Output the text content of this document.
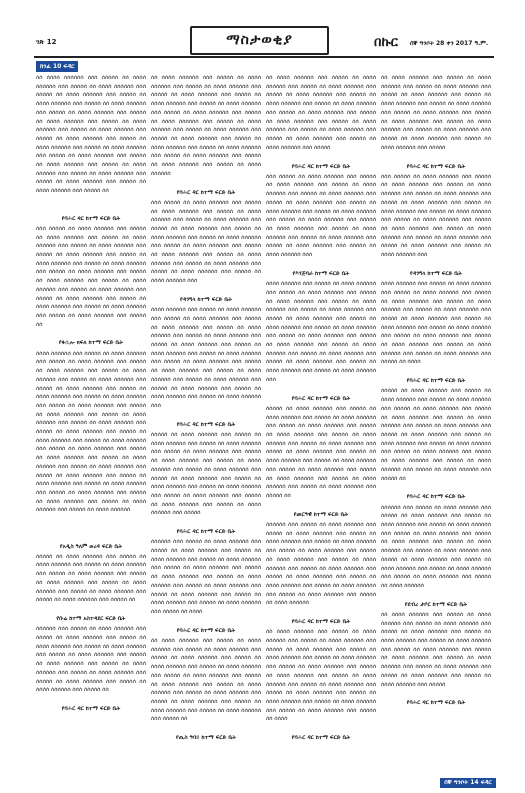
ገጽ 12	ማስታወቂያ	በኩር ሰኞ ግንቦት 28 ቀን 2017 ዓ.ም.
ክንፈ 10 ፍዳር
ሰሰ ሰሰሰሰ ሰሰሰሰሰሰ ሰሰሰ ሰሰሰሰሰ ሰሰ ሰሰሰሰ ሰሰሰሰሰሰ ሰሰሰ ሰሰሰሰሰ ሰሰ ሰሰሰሰ ሰሰሰሰሰሰ ሰሰሰ ሰሰሰሰሰ ሰሰ ሰሰሰሰ ሰሰሰሰሰሰ ሰሰሰ ሰሰሰሰሰ ሰሰ ሰሰሰሰ ሰሰሰሰሰሰ ሰሰሰ ሰሰሰሰሰ ሰሰ ሰሰሰሰ ሰሰሰሰሰሰ ሰሰሰ ሰሰሰሰሰ ሰሰ ሰሰሰሰ ሰሰሰሰሰሰ ሰሰሰ ሰሰሰሰሰ ሰሰ ሰሰሰሰ ሰሰሰሰሰሰ ሰሰሰ ሰሰሰሰሰ ሰሰ ሰሰሰሰ ሰሰሰሰሰሰ ሰሰሰ ሰሰሰሰሰ ሰሰ ሰሰሰሰ ሰሰሰሰሰሰ ሰሰሰ ሰሰሰሰሰ ሰሰ ሰሰሰሰ ሰሰሰሰሰሰ ሰሰሰ ሰሰሰሰሰ ሰሰ ሰሰሰሰ ሰሰሰሰሰሰ ሰሰሰ ሰሰሰሰሰ ሰሰ ሰሰሰሰ ሰሰሰሰሰሰ ሰሰሰ ሰሰሰሰሰ ሰሰ ሰሰሰሰ ሰሰሰሰሰሰ ሰሰሰ ሰሰሰሰሰ ሰሰ ሰሰሰሰ ሰሰሰሰሰሰ ሰሰሰ ሰሰሰሰሰ ሰሰ ሰሰሰሰ ሰሰሰሰሰሰ ሰሰሰ ሰሰሰሰሰ ሰሰ ሰሰሰሰ ሰሰሰሰሰሰ ሰሰሰ ሰሰሰሰሰ ሰሰ ሰሰሰሰ ሰሰሰሰሰሰ ሰሰሰ ሰሰሰሰሰ ሰሰ ሰሰሰሰ ሰሰሰሰሰሰ ሰሰሰ ሰሰሰሰሰ ሰሰ
የባሕር ዳር ከተማ ፍርድ ቤት
ሰሰሰ ሰሰሰሰሰ ሰሰ ሰሰሰሰ ሰሰሰሰሰሰ ሰሰሰ ሰሰሰሰሰ ሰሰ ሰሰሰሰ ሰሰሰሰሰሰ ሰሰሰ ሰሰሰሰሰ ሰሰ ሰሰሰሰ ሰሰሰሰሰሰ ሰሰሰ ሰሰሰሰሰ ሰሰ ሰሰሰሰ ሰሰሰሰሰሰ ሰሰሰ ሰሰሰሰሰ ሰሰ ሰሰሰሰ ሰሰሰሰሰሰ ሰሰሰ ሰሰሰሰሰ ሰሰ ሰሰሰሰ ሰሰሰሰሰሰ ሰሰሰ ሰሰሰሰሰ ሰሰ ሰሰሰሰ ሰሰሰሰሰሰ ሰሰሰ ሰሰሰሰሰ ሰሰ ሰሰሰሰ ሰሰሰሰሰሰ ሰሰሰ ሰሰሰሰሰ ሰሰ ሰሰሰሰ ሰሰሰሰሰሰ ሰሰሰ ሰሰሰሰሰ ሰሰ ሰሰሰሰ ሰሰሰሰሰሰ ሰሰሰ ሰሰሰሰሰ ሰሰ ሰሰሰሰ ሰሰሰሰሰሰ ሰሰሰ ሰሰሰሰሰ ሰሰ ሰሰሰሰ ሰሰሰሰሰሰ ሰሰሰ ሰሰሰሰሰ ሰሰ ሰሰሰሰ ሰሰሰሰሰሰ ሰሰሰ ሰሰሰሰሰ ሰሰ ሰሰሰሰ ሰሰሰሰሰሰ ሰሰሰ ሰሰሰሰሰ ሰሰ ሰሰሰሰ ሰሰሰሰሰሰ ሰሰሰ ሰሰሰሰሰ ሰሰ
የፋሲሎ ክፍለ ከተማ ፍርድ ቤት
ሰሰሰሰ ሰሰሰሰሰሰ ሰሰሰ ሰሰሰሰሰ ሰሰ ሰሰሰሰ ሰሰሰሰሰሰ ሰሰሰ ሰሰሰሰሰ ሰሰ ሰሰሰሰ ሰሰሰሰሰሰ ሰሰሰ ሰሰሰሰሰ ሰሰ ሰሰሰሰ ሰሰሰሰሰሰ ሰሰሰ ሰሰሰሰሰ ሰሰ ሰሰሰሰ ሰሰሰሰሰሰ ሰሰሰ ሰሰሰሰሰ ሰሰ ሰሰሰሰ ሰሰሰሰሰሰ ሰሰሰ ሰሰሰሰሰ ሰሰ ሰሰሰሰ ሰሰሰሰሰሰ ሰሰሰ ሰሰሰሰሰ ሰሰ ሰሰሰሰ ሰሰሰሰሰሰ ሰሰሰ ሰሰሰሰሰ ሰሰ ሰሰሰሰ ሰሰሰሰሰሰ ሰሰሰ ሰሰሰሰሰ ሰሰ ሰሰሰሰ ሰሰሰሰሰሰ ሰሰሰ ሰሰሰሰሰ ሰሰ ሰሰሰሰ ሰሰሰሰሰሰ ሰሰሰ ሰሰሰሰሰ ሰሰ ሰሰሰሰ ሰሰሰሰሰሰ ሰሰሰ ሰሰሰሰሰ ሰሰ ሰሰሰሰ ሰሰሰሰሰሰ ሰሰሰ ሰሰሰሰሰ ሰሰ ሰሰሰሰ ሰሰሰሰሰሰ ሰሰሰ ሰሰሰሰሰ ሰሰ ሰሰሰሰ ሰሰሰሰሰሰ ሰሰሰ ሰሰሰሰሰ ሰሰ ሰሰሰሰ ሰሰሰሰሰሰ ሰሰሰ ሰሰሰሰሰ ሰሰ ሰሰሰሰ ሰሰሰሰሰሰ ሰሰሰ ሰሰሰሰሰ ሰሰ ሰሰሰሰ ሰሰሰሰሰሰ ሰሰሰ ሰሰሰሰሰ ሰሰ ሰሰሰሰ ሰሰሰሰሰሰ ሰሰሰ ሰሰሰሰሰ ሰሰ ሰሰሰሰ ሰሰሰሰሰሰ ሰሰሰ ሰሰሰሰሰ ሰሰ ሰሰሰሰ ሰሰሰሰሰሰ ሰሰሰ ሰሰሰሰሰ ሰሰ ሰሰሰሰ ሰሰሰሰሰሰ ሰሰሰ ሰሰሰሰሰ ሰሰ ሰሰሰሰ ሰሰሰሰሰሰ ሰሰሰ ሰሰሰሰሰ ሰሰ ሰሰሰሰ ሰሰሰሰሰሰ ሰሰሰ ሰሰሰሰሰ ሰሰ ሰሰሰሰ ሰሰሰሰሰሰ ሰሰሰ ሰሰሰሰሰ ሰሰ ሰሰሰሰ ሰሰሰሰሰሰ ሰሰሰ ሰሰሰሰሰ ሰሰ ሰሰሰሰ ሰሰሰሰሰሰ
የአዲስ ዓለም ወረዳ ፍርድ ቤት
ሰሰሰሰሰ ሰሰ ሰሰሰሰ ሰሰሰሰሰሰ ሰሰሰ ሰሰሰሰሰ ሰሰ ሰሰሰሰ ሰሰሰሰሰሰ ሰሰሰ ሰሰሰሰሰ ሰሰ ሰሰሰሰ ሰሰሰሰሰሰ ሰሰሰ ሰሰሰሰሰ ሰሰ ሰሰሰሰ ሰሰሰሰሰሰ ሰሰሰ ሰሰሰሰሰ ሰሰ ሰሰሰሰ ሰሰሰሰሰሰ ሰሰሰ ሰሰሰሰሰ ሰሰ ሰሰሰሰ ሰሰሰሰሰሰ ሰሰሰ ሰሰሰሰሰ ሰሰ ሰሰሰሰ ሰሰሰሰሰሰ ሰሰሰ ሰሰሰሰሰ ሰሰ ሰሰሰሰ ሰሰሰሰሰሰ ሰሰሰ ሰሰሰሰሰ ሰሰ
የቡሬ ከተማ አስተዳደር ፍርድ ቤት
ሰሰሰሰሰሰ ሰሰሰ ሰሰሰሰሰ ሰሰ ሰሰሰሰ ሰሰሰሰሰሰ ሰሰሰ ሰሰሰሰሰ ሰሰ ሰሰሰሰ ሰሰሰሰሰሰ ሰሰሰ ሰሰሰሰሰ ሰሰ ሰሰሰሰ ሰሰሰሰሰሰ ሰሰሰ ሰሰሰሰሰ ሰሰ ሰሰሰሰ ሰሰሰሰሰሰ ሰሰሰ ሰሰሰሰሰ ሰሰ ሰሰሰሰ ሰሰሰሰሰሰ ሰሰሰ ሰሰሰሰሰ ሰሰ ሰሰሰሰ ሰሰሰሰሰሰ ሰሰሰ ሰሰሰሰሰ ሰሰ ሰሰሰሰ ሰሰሰሰሰሰ ሰሰሰ ሰሰሰሰሰ ሰሰ ሰሰሰሰ ሰሰሰሰሰሰ ሰሰሰ ሰሰሰሰሰ ሰሰ ሰሰሰሰ ሰሰሰሰሰሰ ሰሰሰ ሰሰሰሰሰ ሰሰ ሰሰሰሰ ሰሰሰሰሰሰ ሰሰሰ ሰሰሰሰሰ ሰሰ
የባሕር ዳር ከተማ ፍርድ ቤት
ሰሰ ሰሰሰሰ ሰሰሰሰሰሰ ሰሰሰ ሰሰሰሰሰ ሰሰ ሰሰሰሰ ሰሰሰሰሰሰ ሰሰሰ ሰሰሰሰሰ ሰሰ ሰሰሰሰ ሰሰሰሰሰሰ ሰሰሰ ሰሰሰሰሰ ሰሰ ሰሰሰሰ ሰሰሰሰሰሰ ሰሰሰ ሰሰሰሰሰ ሰሰ ሰሰሰሰ ሰሰሰሰሰሰ ሰሰሰ ሰሰሰሰሰ ሰሰ ሰሰሰሰ ሰሰሰሰሰሰ ሰሰሰ ሰሰሰሰሰ ሰሰ ሰሰሰሰ ሰሰሰሰሰሰ ሰሰሰ ሰሰሰሰሰ ሰሰ ሰሰሰሰ ሰሰሰሰሰሰ ሰሰሰ ሰሰሰሰሰ ሰሰ ሰሰሰሰ ሰሰሰሰሰሰ ሰሰሰ ሰሰሰሰሰ ሰሰ ሰሰሰሰ ሰሰሰሰሰሰ ሰሰሰ ሰሰሰሰሰ ሰሰ ሰሰሰሰ ሰሰሰሰሰሰ ሰሰሰ ሰሰሰሰሰ ሰሰ ሰሰሰሰ ሰሰሰሰሰሰ ሰሰሰ ሰሰሰሰሰ ሰሰ ሰሰሰሰ ሰሰሰሰሰሰ ሰሰሰ ሰሰሰሰሰ ሰሰ ሰሰሰሰ ሰሰሰሰሰሰ ሰሰሰ ሰሰሰሰሰ ሰሰ ሰሰሰሰ ሰሰሰሰሰሰ ሰሰሰ ሰሰሰሰሰ ሰሰ ሰሰሰሰ ሰሰሰሰሰሰ
የባሕር ዳር ከተማ ፍርድ ቤት
ሰሰሰ ሰሰሰሰሰ ሰሰ ሰሰሰሰ ሰሰሰሰሰሰ ሰሰሰ ሰሰሰሰሰ ሰሰ ሰሰሰሰ ሰሰሰሰሰሰ ሰሰሰ ሰሰሰሰሰ ሰሰ ሰሰሰሰ ሰሰሰሰሰሰ ሰሰሰ ሰሰሰሰሰ ሰሰ ሰሰሰሰ ሰሰሰሰሰሰ ሰሰሰ ሰሰሰሰሰ ሰሰ ሰሰሰሰ ሰሰሰሰሰሰ ሰሰሰ ሰሰሰሰሰ ሰሰ ሰሰሰሰ ሰሰሰሰሰሰ ሰሰሰ ሰሰሰሰሰ ሰሰ ሰሰሰሰ ሰሰሰሰሰሰ ሰሰሰ ሰሰሰሰሰ ሰሰ ሰሰሰሰ ሰሰሰሰሰሰ ሰሰሰ ሰሰሰሰሰ ሰሰ ሰሰሰሰ ሰሰሰሰሰሰ ሰሰሰ ሰሰሰሰሰ ሰሰ ሰሰሰሰ ሰሰሰሰሰሰ ሰሰሰ ሰሰሰሰሰ ሰሰ ሰሰሰሰ ሰሰሰሰሰሰ ሰሰሰ ሰሰሰሰሰ ሰሰ ሰሰሰሰ ሰሰሰሰሰሰ ሰሰሰ ሰሰሰሰሰ ሰሰ ሰሰሰሰ ሰሰሰሰሰሰ ሰሰሰ
የዳንግላ ከተማ ፍርድ ቤት
ሰሰሰሰ ሰሰሰሰሰሰ ሰሰሰ ሰሰሰሰሰ ሰሰ ሰሰሰሰ ሰሰሰሰሰሰ ሰሰሰ ሰሰሰሰሰ ሰሰ ሰሰሰሰ ሰሰሰሰሰሰ ሰሰሰ ሰሰሰሰሰ ሰሰ ሰሰሰሰ ሰሰሰሰሰሰ ሰሰሰ ሰሰሰሰሰ ሰሰ ሰሰሰሰ ሰሰሰሰሰሰ ሰሰሰ ሰሰሰሰሰ ሰሰ ሰሰሰሰ ሰሰሰሰሰሰ ሰሰሰ ሰሰሰሰሰ ሰሰ ሰሰሰሰ ሰሰሰሰሰሰ ሰሰሰ ሰሰሰሰሰ ሰሰ ሰሰሰሰ ሰሰሰሰሰሰ ሰሰሰ ሰሰሰሰሰ ሰሰ ሰሰሰሰ ሰሰሰሰሰሰ ሰሰሰ ሰሰሰሰሰ ሰሰ ሰሰሰሰ ሰሰሰሰሰሰ ሰሰሰ ሰሰሰሰሰ ሰሰ ሰሰሰሰ ሰሰሰሰሰሰ ሰሰሰ ሰሰሰሰሰ ሰሰ ሰሰሰሰ ሰሰሰሰሰሰ ሰሰሰ ሰሰሰሰሰ ሰሰ ሰሰሰሰ ሰሰሰሰሰሰ ሰሰሰ ሰሰሰሰሰ ሰሰ ሰሰሰሰ ሰሰሰሰሰሰ ሰሰሰ ሰሰሰሰሰ ሰሰ ሰሰሰሰ ሰሰሰሰሰሰ ሰሰሰ ሰሰሰሰሰ ሰሰ ሰሰሰሰ ሰሰሰሰሰሰ ሰሰሰ
የባሕር ዳር ከተማ ፍርድ ቤት
ሰሰሰሰሰ ሰሰ ሰሰሰሰ ሰሰሰሰሰሰ ሰሰሰ ሰሰሰሰሰ ሰሰ ሰሰሰሰ ሰሰሰሰሰሰ ሰሰሰ ሰሰሰሰሰ ሰሰ ሰሰሰሰ ሰሰሰሰሰሰ ሰሰሰ ሰሰሰሰሰ ሰሰ ሰሰሰሰ ሰሰሰሰሰሰ ሰሰሰ ሰሰሰሰሰ ሰሰ ሰሰሰሰ ሰሰሰሰሰሰ ሰሰሰ ሰሰሰሰሰ ሰሰ ሰሰሰሰ ሰሰሰሰሰሰ ሰሰሰ ሰሰሰሰሰ ሰሰ ሰሰሰሰ ሰሰሰሰሰሰ ሰሰሰ ሰሰሰሰሰ ሰሰ ሰሰሰሰ ሰሰሰሰሰሰ ሰሰሰ ሰሰሰሰሰ ሰሰ ሰሰሰሰ ሰሰሰሰሰሰ ሰሰሰ ሰሰሰሰሰ ሰሰ ሰሰሰሰ ሰሰሰሰሰሰ ሰሰሰ ሰሰሰሰሰ ሰሰ ሰሰሰሰ ሰሰሰሰሰሰ ሰሰሰ ሰሰሰሰሰ ሰሰ ሰሰሰሰ ሰሰሰሰሰሰ ሰሰሰ ሰሰሰሰሰ ሰሰ ሰሰሰሰ ሰሰሰሰሰሰ ሰሰሰ ሰሰሰሰሰ
የባሕር ዳር ከተማ ፍርድ ቤት
ሰሰሰሰሰሰ ሰሰሰ ሰሰሰሰሰ ሰሰ ሰሰሰሰ ሰሰሰሰሰሰ ሰሰሰ ሰሰሰሰሰ ሰሰ ሰሰሰሰ ሰሰሰሰሰሰ ሰሰሰ ሰሰሰሰሰ ሰሰ ሰሰሰሰ ሰሰሰሰሰሰ ሰሰሰ ሰሰሰሰሰ ሰሰ ሰሰሰሰ ሰሰሰሰሰሰ ሰሰሰ ሰሰሰሰሰ ሰሰ ሰሰሰሰ ሰሰሰሰሰሰ ሰሰሰ ሰሰሰሰሰ ሰሰ ሰሰሰሰ ሰሰሰሰሰሰ ሰሰሰ ሰሰሰሰሰ ሰሰ ሰሰሰሰ ሰሰሰሰሰሰ ሰሰሰ ሰሰሰሰሰ ሰሰ ሰሰሰሰ ሰሰሰሰሰሰ ሰሰሰ ሰሰሰሰሰ ሰሰ ሰሰሰሰ ሰሰሰሰሰሰ ሰሰሰ ሰሰሰሰሰ ሰሰ ሰሰሰሰ ሰሰሰሰሰሰ ሰሰሰ ሰሰሰሰሰ ሰሰ ሰሰሰሰ ሰሰሰሰሰሰ ሰሰሰ ሰሰሰሰሰ ሰሰ ሰሰሰሰ
የባሕር ዳር ከተማ ፍርድ ቤት
ሰሰ ሰሰሰሰ ሰሰሰሰሰሰ ሰሰሰ ሰሰሰሰሰ ሰሰ ሰሰሰሰ ሰሰሰሰሰሰ ሰሰሰ ሰሰሰሰሰ ሰሰ ሰሰሰሰ ሰሰሰሰሰሰ ሰሰሰ ሰሰሰሰሰ ሰሰ ሰሰሰሰ ሰሰሰሰሰሰ ሰሰሰ ሰሰሰሰሰ ሰሰ ሰሰሰሰ ሰሰሰሰሰሰ ሰሰሰ ሰሰሰሰሰ ሰሰ ሰሰሰሰ ሰሰሰሰሰሰ ሰሰሰ ሰሰሰሰሰ ሰሰ ሰሰሰሰ ሰሰሰሰሰሰ ሰሰሰ ሰሰሰሰሰ ሰሰ ሰሰሰሰ ሰሰሰሰሰሰ ሰሰሰ ሰሰሰሰሰ ሰሰ ሰሰሰሰ ሰሰሰሰሰሰ ሰሰሰ ሰሰሰሰሰ ሰሰ ሰሰሰሰ ሰሰሰሰሰሰ ሰሰሰ ሰሰሰሰሰ ሰሰ ሰሰሰሰ ሰሰሰሰሰሰ ሰሰሰ ሰሰሰሰሰ ሰሰ ሰሰሰሰ ሰሰሰሰሰሰ ሰሰሰ ሰሰሰሰሰ ሰሰ ሰሰሰሰ ሰሰሰሰሰሰ ሰሰሰ ሰሰሰሰሰ ሰሰ
የጢስ ዓባይ ከተማ ፍርድ ቤት
ሰሰ ሰሰሰሰ ሰሰሰሰሰሰ ሰሰሰ ሰሰሰሰሰ ሰሰ ሰሰሰሰ ሰሰሰሰሰሰ ሰሰሰ ሰሰሰሰሰ ሰሰ ሰሰሰሰ ሰሰሰሰሰሰ ሰሰሰ ሰሰሰሰሰ ሰሰ ሰሰሰሰ ሰሰሰሰሰሰ ሰሰሰ ሰሰሰሰሰ ሰሰ ሰሰሰሰ ሰሰሰሰሰሰ ሰሰሰ ሰሰሰሰሰ ሰሰ ሰሰሰሰ ሰሰሰሰሰሰ ሰሰሰ ሰሰሰሰሰ ሰሰ ሰሰሰሰ ሰሰሰሰሰሰ ሰሰሰ ሰሰሰሰሰ ሰሰ ሰሰሰሰ ሰሰሰሰሰሰ ሰሰሰ ሰሰሰሰሰ ሰሰ ሰሰሰሰ ሰሰሰሰሰሰ ሰሰሰ ሰሰሰሰሰ ሰሰ ሰሰሰሰ ሰሰሰሰሰሰ ሰሰሰ ሰሰሰሰሰ ሰሰ ሰሰሰሰ ሰሰሰሰሰሰ ሰሰሰ ሰሰሰሰሰ ሰሰ ሰሰሰሰ ሰሰሰሰሰሰ ሰሰሰ ሰሰሰሰሰ
የባሕር ዳር ከተማ ፍርድ ቤት
ሰሰሰ ሰሰሰሰሰ ሰሰ ሰሰሰሰ ሰሰሰሰሰሰ ሰሰሰ ሰሰሰሰሰ ሰሰ ሰሰሰሰ ሰሰሰሰሰሰ ሰሰሰ ሰሰሰሰሰ ሰሰ ሰሰሰሰ ሰሰሰሰሰሰ ሰሰሰ ሰሰሰሰሰ ሰሰ ሰሰሰሰ ሰሰሰሰሰሰ ሰሰሰ ሰሰሰሰሰ ሰሰ ሰሰሰሰ ሰሰሰሰሰሰ ሰሰሰ ሰሰሰሰሰ ሰሰ ሰሰሰሰ ሰሰሰሰሰሰ ሰሰሰ ሰሰሰሰሰ ሰሰ ሰሰሰሰ ሰሰሰሰሰሰ ሰሰሰ ሰሰሰሰሰ ሰሰ ሰሰሰሰ ሰሰሰሰሰሰ ሰሰሰ ሰሰሰሰሰ ሰሰ ሰሰሰሰ ሰሰሰሰሰሰ ሰሰሰ ሰሰሰሰሰ ሰሰ ሰሰሰሰ ሰሰሰሰሰሰ ሰሰሰ ሰሰሰሰሰ ሰሰ ሰሰሰሰ ሰሰሰሰሰሰ ሰሰሰ ሰሰሰሰሰ ሰሰ ሰሰሰሰ ሰሰሰሰሰሰ ሰሰሰ ሰሰሰሰሰ ሰሰ ሰሰሰሰ ሰሰሰሰሰሰ ሰሰሰ
የእንጅባራ ከተማ ፍርድ ቤት
ሰሰሰሰ ሰሰሰሰሰሰ ሰሰሰ ሰሰሰሰሰ ሰሰ ሰሰሰሰ ሰሰሰሰሰሰ ሰሰሰ ሰሰሰሰሰ ሰሰ ሰሰሰሰ ሰሰሰሰሰሰ ሰሰሰ ሰሰሰሰሰ ሰሰ ሰሰሰሰ ሰሰሰሰሰሰ ሰሰሰ ሰሰሰሰሰ ሰሰ ሰሰሰሰ ሰሰሰሰሰሰ ሰሰሰ ሰሰሰሰሰ ሰሰ ሰሰሰሰ ሰሰሰሰሰሰ ሰሰሰ ሰሰሰሰሰ ሰሰ ሰሰሰሰ ሰሰሰሰሰሰ ሰሰሰ ሰሰሰሰሰ ሰሰ ሰሰሰሰ ሰሰሰሰሰሰ ሰሰሰ ሰሰሰሰሰ ሰሰ ሰሰሰሰ ሰሰሰሰሰሰ ሰሰሰ ሰሰሰሰሰ ሰሰ ሰሰሰሰ ሰሰሰሰሰሰ ሰሰሰ ሰሰሰሰሰ ሰሰ ሰሰሰሰ ሰሰሰሰሰሰ ሰሰሰ ሰሰሰሰሰ ሰሰ ሰሰሰሰ ሰሰሰሰሰሰ ሰሰሰ ሰሰሰሰሰ ሰሰ ሰሰሰሰ ሰሰሰሰሰሰ ሰሰሰ ሰሰሰሰሰ ሰሰ ሰሰሰሰ ሰሰሰሰሰሰ ሰሰሰ ሰሰሰሰሰ ሰሰ ሰሰሰሰ ሰሰሰሰሰሰ ሰሰሰ ሰሰሰሰሰ ሰሰ ሰሰሰሰ ሰሰሰሰሰሰ ሰሰሰ
የባሕር ዳር ከተማ ፍርድ ቤት
ሰሰሰሰሰ ሰሰ ሰሰሰሰ ሰሰሰሰሰሰ ሰሰሰ ሰሰሰሰሰ ሰሰ ሰሰሰሰ ሰሰሰሰሰሰ ሰሰሰ ሰሰሰሰሰ ሰሰ ሰሰሰሰ ሰሰሰሰሰሰ ሰሰሰ ሰሰሰሰሰ ሰሰ ሰሰሰሰ ሰሰሰሰሰሰ ሰሰሰ ሰሰሰሰሰ ሰሰ ሰሰሰሰ ሰሰሰሰሰሰ ሰሰሰ ሰሰሰሰሰ ሰሰ ሰሰሰሰ ሰሰሰሰሰሰ ሰሰሰ ሰሰሰሰሰ ሰሰ ሰሰሰሰ ሰሰሰሰሰሰ ሰሰሰ ሰሰሰሰሰ ሰሰ ሰሰሰሰ ሰሰሰሰሰሰ ሰሰሰ ሰሰሰሰሰ ሰሰ ሰሰሰሰ ሰሰሰሰሰሰ ሰሰሰ ሰሰሰሰሰ ሰሰ ሰሰሰሰ ሰሰሰሰሰሰ ሰሰሰ ሰሰሰሰሰ ሰሰ ሰሰሰሰ ሰሰሰሰሰሰ ሰሰሰ ሰሰሰሰሰ ሰሰ ሰሰሰሰ ሰሰሰሰሰሰ ሰሰሰ ሰሰሰሰሰ ሰሰ ሰሰሰሰ ሰሰሰሰሰሰ ሰሰሰ ሰሰሰሰሰ ሰሰ ሰሰሰሰ ሰሰሰሰሰሰ ሰሰሰ ሰሰሰሰሰ ሰሰ
የመርዓዊ ከተማ ፍርድ ቤት
ሰሰሰሰሰሰ ሰሰሰ ሰሰሰሰሰ ሰሰ ሰሰሰሰ ሰሰሰሰሰሰ ሰሰሰ ሰሰሰሰሰ ሰሰ ሰሰሰሰ ሰሰሰሰሰሰ ሰሰሰ ሰሰሰሰሰ ሰሰ ሰሰሰሰ ሰሰሰሰሰሰ ሰሰሰ ሰሰሰሰሰ ሰሰ ሰሰሰሰ ሰሰሰሰሰሰ ሰሰሰ ሰሰሰሰሰ ሰሰ ሰሰሰሰ ሰሰሰሰሰሰ ሰሰሰ ሰሰሰሰሰ ሰሰ ሰሰሰሰ ሰሰሰሰሰሰ ሰሰሰ ሰሰሰሰሰ ሰሰ ሰሰሰሰ ሰሰሰሰሰሰ ሰሰሰ ሰሰሰሰሰ ሰሰ ሰሰሰሰ ሰሰሰሰሰሰ ሰሰሰ ሰሰሰሰሰ ሰሰ ሰሰሰሰ ሰሰሰሰሰሰ ሰሰሰ ሰሰሰሰሰ ሰሰ ሰሰሰሰ ሰሰሰሰሰሰ ሰሰሰ ሰሰሰሰሰ ሰሰ ሰሰሰሰ ሰሰሰሰሰሰ ሰሰሰ ሰሰሰሰሰ ሰሰ ሰሰሰሰ ሰሰሰሰሰሰ ሰሰሰ ሰሰሰሰሰ ሰሰ ሰሰሰሰ ሰሰሰሰሰሰ
የባሕር ዳር ከተማ ፍርድ ቤት
ሰሰ ሰሰሰሰ ሰሰሰሰሰሰ ሰሰሰ ሰሰሰሰሰ ሰሰ ሰሰሰሰ ሰሰሰሰሰሰ ሰሰሰ ሰሰሰሰሰ ሰሰ ሰሰሰሰ ሰሰሰሰሰሰ ሰሰሰ ሰሰሰሰሰ ሰሰ ሰሰሰሰ ሰሰሰሰሰሰ ሰሰሰ ሰሰሰሰሰ ሰሰ ሰሰሰሰ ሰሰሰሰሰሰ ሰሰሰ ሰሰሰሰሰ ሰሰ ሰሰሰሰ ሰሰሰሰሰሰ ሰሰሰ ሰሰሰሰሰ ሰሰ ሰሰሰሰ ሰሰሰሰሰሰ ሰሰሰ ሰሰሰሰሰ ሰሰ ሰሰሰሰ ሰሰሰሰሰሰ ሰሰሰ ሰሰሰሰሰ ሰሰ ሰሰሰሰ ሰሰሰሰሰሰ ሰሰሰ ሰሰሰሰሰ ሰሰ ሰሰሰሰ ሰሰሰሰሰሰ ሰሰሰ ሰሰሰሰሰ ሰሰ ሰሰሰሰ ሰሰሰሰሰሰ ሰሰሰ ሰሰሰሰሰ ሰሰ ሰሰሰሰ ሰሰሰሰሰሰ ሰሰሰ ሰሰሰሰሰ ሰሰ ሰሰሰሰ ሰሰሰሰሰሰ ሰሰሰ ሰሰሰሰሰ ሰሰ ሰሰሰሰ ሰሰሰሰሰሰ ሰሰሰ ሰሰሰሰሰ ሰሰ ሰሰሰሰ
የባሕር ዳር ከተማ ፍርድ ቤት
ሰሰ ሰሰሰሰ ሰሰሰሰሰሰ ሰሰሰ ሰሰሰሰሰ ሰሰ ሰሰሰሰ ሰሰሰሰሰሰ ሰሰሰ ሰሰሰሰሰ ሰሰ ሰሰሰሰ ሰሰሰሰሰሰ ሰሰሰ ሰሰሰሰሰ ሰሰ ሰሰሰሰ ሰሰሰሰሰሰ ሰሰሰ ሰሰሰሰሰ ሰሰ ሰሰሰሰ ሰሰሰሰሰሰ ሰሰሰ ሰሰሰሰሰ ሰሰ ሰሰሰሰ ሰሰሰሰሰሰ ሰሰሰ ሰሰሰሰሰ ሰሰ ሰሰሰሰ ሰሰሰሰሰሰ ሰሰሰ ሰሰሰሰሰ ሰሰ ሰሰሰሰ ሰሰሰሰሰሰ ሰሰሰ ሰሰሰሰሰ ሰሰ ሰሰሰሰ ሰሰሰሰሰሰ ሰሰሰ ሰሰሰሰሰ ሰሰ ሰሰሰሰ ሰሰሰሰሰሰ ሰሰሰ ሰሰሰሰሰ ሰሰ ሰሰሰሰ ሰሰሰሰሰሰ ሰሰሰ ሰሰሰሰሰ ሰሰ ሰሰሰሰ ሰሰሰሰሰሰ ሰሰሰ ሰሰሰሰሰ
የባሕር ዳር ከተማ ፍርድ ቤት
ሰሰሰ ሰሰሰሰሰ ሰሰ ሰሰሰሰ ሰሰሰሰሰሰ ሰሰሰ ሰሰሰሰሰ ሰሰ ሰሰሰሰ ሰሰሰሰሰሰ ሰሰሰ ሰሰሰሰሰ ሰሰ ሰሰሰሰ ሰሰሰሰሰሰ ሰሰሰ ሰሰሰሰሰ ሰሰ ሰሰሰሰ ሰሰሰሰሰሰ ሰሰሰ ሰሰሰሰሰ ሰሰ ሰሰሰሰ ሰሰሰሰሰሰ ሰሰሰ ሰሰሰሰሰ ሰሰ ሰሰሰሰ ሰሰሰሰሰሰ ሰሰሰ ሰሰሰሰሰ ሰሰ ሰሰሰሰ ሰሰሰሰሰሰ ሰሰሰ ሰሰሰሰሰ ሰሰ ሰሰሰሰ ሰሰሰሰሰሰ ሰሰሰ ሰሰሰሰሰ ሰሰ ሰሰሰሰ ሰሰሰሰሰሰ ሰሰሰ ሰሰሰሰሰ ሰሰ ሰሰሰሰ ሰሰሰሰሰሰ ሰሰሰ ሰሰሰሰሰ ሰሰ ሰሰሰሰ ሰሰሰሰሰሰ ሰሰሰ ሰሰሰሰሰ ሰሰ ሰሰሰሰ ሰሰሰሰሰሰ ሰሰሰ ሰሰሰሰሰ ሰሰ ሰሰሰሰ ሰሰሰሰሰሰ ሰሰሰ
የዳንግላ ከተማ ፍርድ ቤት
ሰሰሰሰ ሰሰሰሰሰሰ ሰሰሰ ሰሰሰሰሰ ሰሰ ሰሰሰሰ ሰሰሰሰሰሰ ሰሰሰ ሰሰሰሰሰ ሰሰ ሰሰሰሰ ሰሰሰሰሰሰ ሰሰሰ ሰሰሰሰሰ ሰሰ ሰሰሰሰ ሰሰሰሰሰሰ ሰሰሰ ሰሰሰሰሰ ሰሰ ሰሰሰሰ ሰሰሰሰሰሰ ሰሰሰ ሰሰሰሰሰ ሰሰ ሰሰሰሰ ሰሰሰሰሰሰ ሰሰሰ ሰሰሰሰሰ ሰሰ ሰሰሰሰ ሰሰሰሰሰሰ ሰሰሰ ሰሰሰሰሰ ሰሰ ሰሰሰሰ ሰሰሰሰሰሰ ሰሰሰ ሰሰሰሰሰ ሰሰ ሰሰሰሰ ሰሰሰሰሰሰ ሰሰሰ ሰሰሰሰሰ ሰሰ ሰሰሰሰ ሰሰሰሰሰሰ ሰሰሰ ሰሰሰሰሰ ሰሰ ሰሰሰሰ ሰሰሰሰሰሰ ሰሰሰ ሰሰሰሰሰ ሰሰ ሰሰሰሰ ሰሰሰሰሰሰ ሰሰሰ ሰሰሰሰሰ ሰሰ ሰሰሰሰ ሰሰሰሰሰሰ ሰሰሰ ሰሰሰሰሰ ሰሰ ሰሰሰሰ
የባሕር ዳር ከተማ ፍርድ ቤት
ሰሰሰሰሰ ሰሰ ሰሰሰሰ ሰሰሰሰሰሰ ሰሰሰ ሰሰሰሰሰ ሰሰ ሰሰሰሰ ሰሰሰሰሰሰ ሰሰሰ ሰሰሰሰሰ ሰሰ ሰሰሰሰ ሰሰሰሰሰሰ ሰሰሰ ሰሰሰሰሰ ሰሰ ሰሰሰሰ ሰሰሰሰሰሰ ሰሰሰ ሰሰሰሰሰ ሰሰ ሰሰሰሰ ሰሰሰሰሰሰ ሰሰሰ ሰሰሰሰሰ ሰሰ ሰሰሰሰ ሰሰሰሰሰሰ ሰሰሰ ሰሰሰሰሰ ሰሰ ሰሰሰሰ ሰሰሰሰሰሰ ሰሰሰ ሰሰሰሰሰ ሰሰ ሰሰሰሰ ሰሰሰሰሰሰ ሰሰሰ ሰሰሰሰሰ ሰሰ ሰሰሰሰ ሰሰሰሰሰሰ ሰሰሰ ሰሰሰሰሰ ሰሰ ሰሰሰሰ ሰሰሰሰሰሰ ሰሰሰ ሰሰሰሰሰ ሰሰ ሰሰሰሰ ሰሰሰሰሰሰ ሰሰሰ ሰሰሰሰሰ ሰሰ ሰሰሰሰ ሰሰሰሰሰሰ ሰሰሰ ሰሰሰሰሰ ሰሰ ሰሰሰሰ ሰሰሰሰሰሰ ሰሰሰ ሰሰሰሰሰ ሰሰ ሰሰሰሰ ሰሰሰሰሰሰ ሰሰሰ ሰሰሰሰሰ ሰሰ
የባሕር ዳር ከተማ ፍርድ ቤት
ሰሰሰሰሰሰ ሰሰሰ ሰሰሰሰሰ ሰሰ ሰሰሰሰ ሰሰሰሰሰሰ ሰሰሰ ሰሰሰሰሰ ሰሰ ሰሰሰሰ ሰሰሰሰሰሰ ሰሰሰ ሰሰሰሰሰ ሰሰ ሰሰሰሰ ሰሰሰሰሰሰ ሰሰሰ ሰሰሰሰሰ ሰሰ ሰሰሰሰ ሰሰሰሰሰሰ ሰሰሰ ሰሰሰሰሰ ሰሰ ሰሰሰሰ ሰሰሰሰሰሰ ሰሰሰ ሰሰሰሰሰ ሰሰ ሰሰሰሰ ሰሰሰሰሰሰ ሰሰሰ ሰሰሰሰሰ ሰሰ ሰሰሰሰ ሰሰሰሰሰሰ ሰሰሰ ሰሰሰሰሰ ሰሰ ሰሰሰሰ ሰሰሰሰሰሰ ሰሰሰ ሰሰሰሰሰ ሰሰ ሰሰሰሰ ሰሰሰሰሰሰ ሰሰሰ ሰሰሰሰሰ ሰሰ ሰሰሰሰ ሰሰሰሰሰሰ ሰሰሰ ሰሰሰሰሰ ሰሰ ሰሰሰሰ ሰሰሰሰሰሰ ሰሰሰ ሰሰሰሰሰ ሰሰ ሰሰሰሰ ሰሰሰሰሰሰ ሰሰሰ ሰሰሰሰሰ ሰሰ ሰሰሰሰ ሰሰሰሰሰሰ
የደብረ ታቦር ከተማ ፍርድ ቤት
ሰሰ ሰሰሰሰ ሰሰሰሰሰሰ ሰሰሰ ሰሰሰሰሰ ሰሰ ሰሰሰሰ ሰሰሰሰሰሰ ሰሰሰ ሰሰሰሰሰ ሰሰ ሰሰሰሰ ሰሰሰሰሰሰ ሰሰሰ ሰሰሰሰሰ ሰሰ ሰሰሰሰ ሰሰሰሰሰሰ ሰሰሰ ሰሰሰሰሰ ሰሰ ሰሰሰሰ ሰሰሰሰሰሰ ሰሰሰ ሰሰሰሰሰ ሰሰ ሰሰሰሰ ሰሰሰሰሰሰ ሰሰሰ ሰሰሰሰሰ ሰሰ ሰሰሰሰ ሰሰሰሰሰሰ ሰሰሰ ሰሰሰሰሰ ሰሰ ሰሰሰሰ ሰሰሰሰሰሰ ሰሰሰ ሰሰሰሰሰ ሰሰ ሰሰሰሰ ሰሰሰሰሰሰ ሰሰሰ ሰሰሰሰሰ ሰሰ ሰሰሰሰ ሰሰሰሰሰሰ ሰሰሰ ሰሰሰሰሰ ሰሰ ሰሰሰሰ ሰሰሰሰሰሰ ሰሰሰ ሰሰሰሰሰ ሰሰ ሰሰሰሰ ሰሰሰሰሰሰ ሰሰሰ ሰሰሰሰሰ
የባሕር ዳር ከተማ ፍርድ ቤት
ሰኞ ግንቦት 14 ፍዳር
